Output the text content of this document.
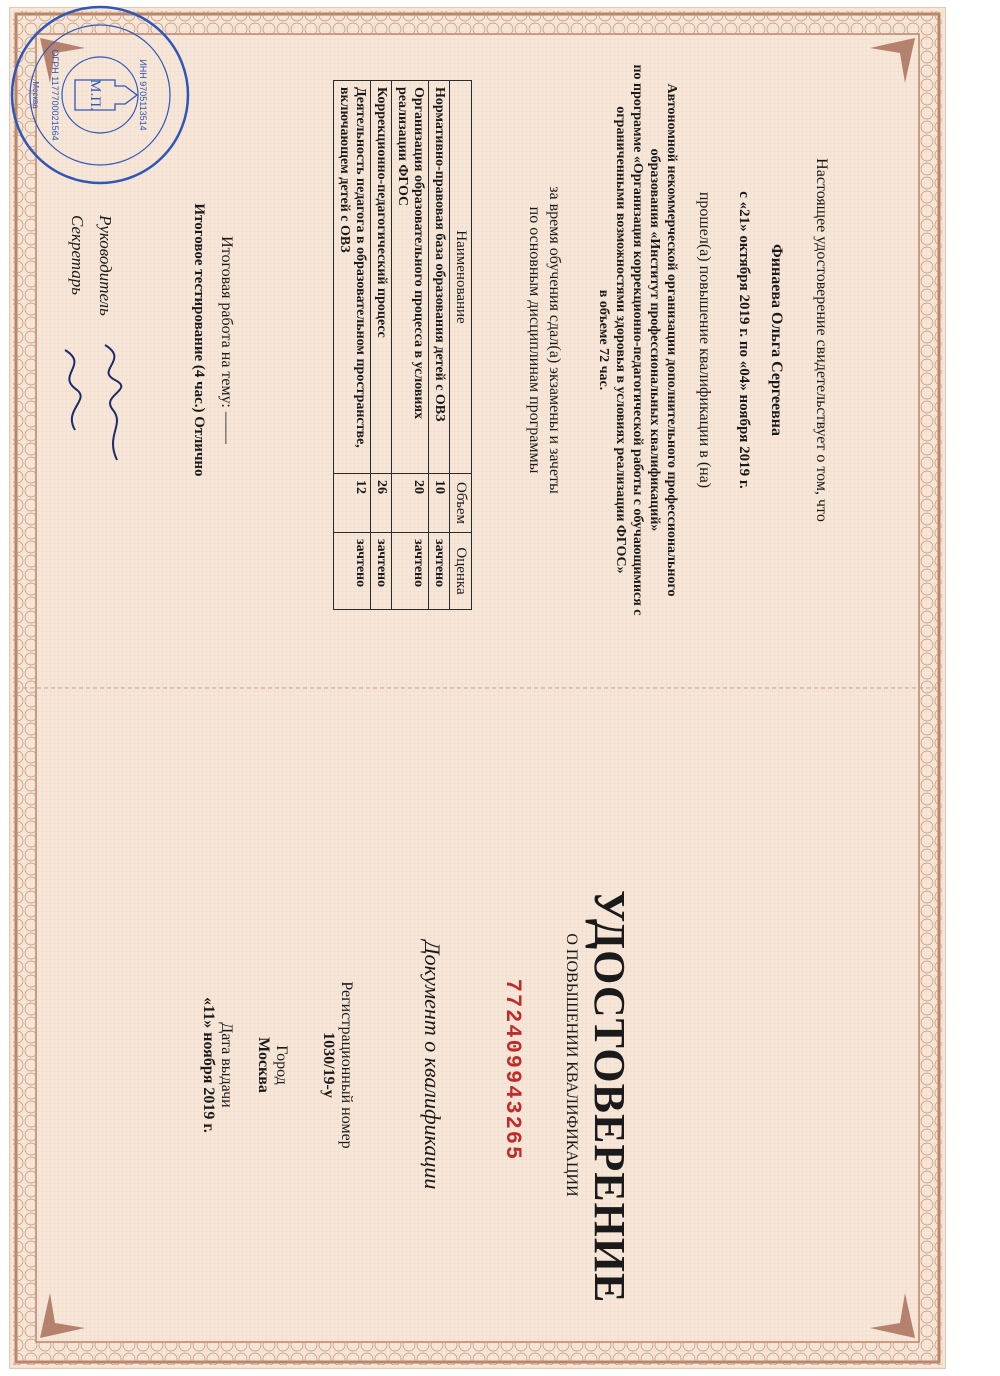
УДОСТОВЕРЕНИЕ
О ПОВЫШЕНИИ КВАЛИФИКАЦИИ
772409943265
Документ о квалификации
Регистрационный номер
1030/19-у
Город
Москва
Дата выдачи
«11» ноября 2019 г.
Настоящее удостоверение свидетельствует о том, что
Финаева Ольга Сергеевна
с «21» октября 2019 г. по «04» ноября 2019 г.
прошел(а) повышение квалификации в (на)
Автономной некоммерческой организации дополнительного профессионального
образования «Институт профессиональных квалификаций»
по программе «Организация коррекционно-педагогической работы с обучающимися с
ограниченными возможностями здоровья в условиях реализации ФГОС»
в объеме 72 час.
за время обучения сдал(а) экзамены и зачеты
по основным дисциплинам программы
Наименование	Объем	Оценка
Нормативно-правовая база образования детей с ОВЗ	10	зачтено
Организация образовательного процесса в условиях реализации ФГОС	20	зачтено
Коррекционно-педагогический процесс	26	зачтено
Деятельность педагога в образовательном пространстве, включающем детей с ОВЗ	12	зачтено
Итоговая работа на тему: ——
Итоговое тестирование (4 час.) Отлично
Руководитель
Секретарь
М.П.
ОГРН 1177700021564	ИНН 9705113514
Москва
